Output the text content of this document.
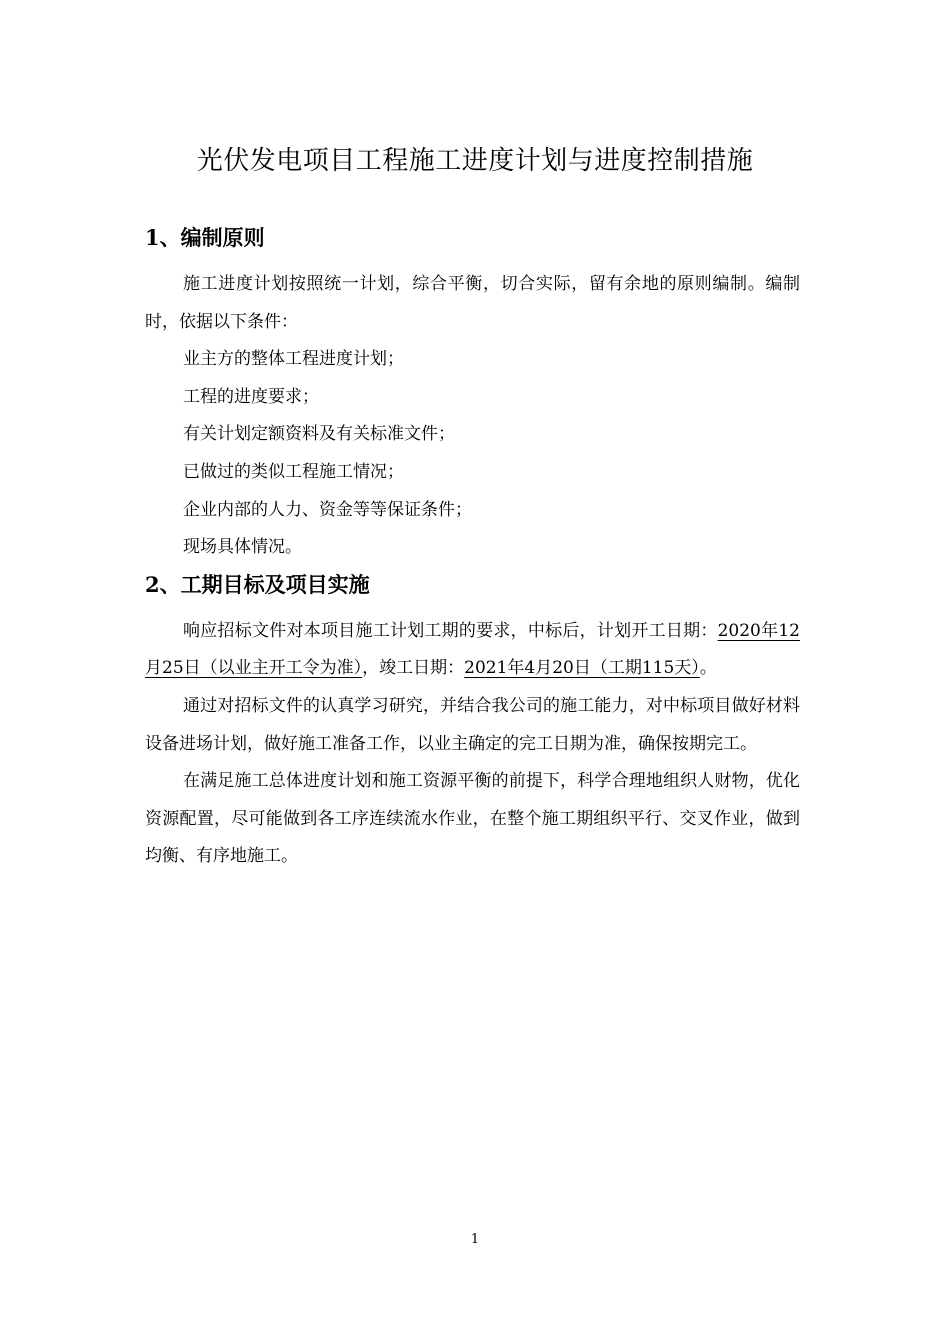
光伏发电项目工程施工进度计划与进度控制措施
1、编制原则

施工进度计划按照统一计划，综合平衡，切合实际，留有余地的原则编制。编制时，依据以下条件：

业主方的整体工程进度计划；

工程的进度要求；

有关计划定额资料及有关标准文件；

已做过的类似工程施工情况；

企业内部的人力、资金等等保证条件；

现场具体情况。

2、工期目标及项目实施

响应招标文件对本项目施工计划工期的要求，中标后，计划开工日期：2020年12月25日（以业主开工令为准），竣工日期：2021年4月20日（工期115天）。

通过对招标文件的认真学习研究，并结合我公司的施工能力，对中标项目做好材料设备进场计划，做好施工准备工作，以业主确定的完工日期为准，确保按期完工。

在满足施工总体进度计划和施工资源平衡的前提下，科学合理地组织人财物，优化资源配置，尽可能做到各工序连续流水作业，在整个施工期组织平行、交叉作业，做到均衡、有序地施工。

1
